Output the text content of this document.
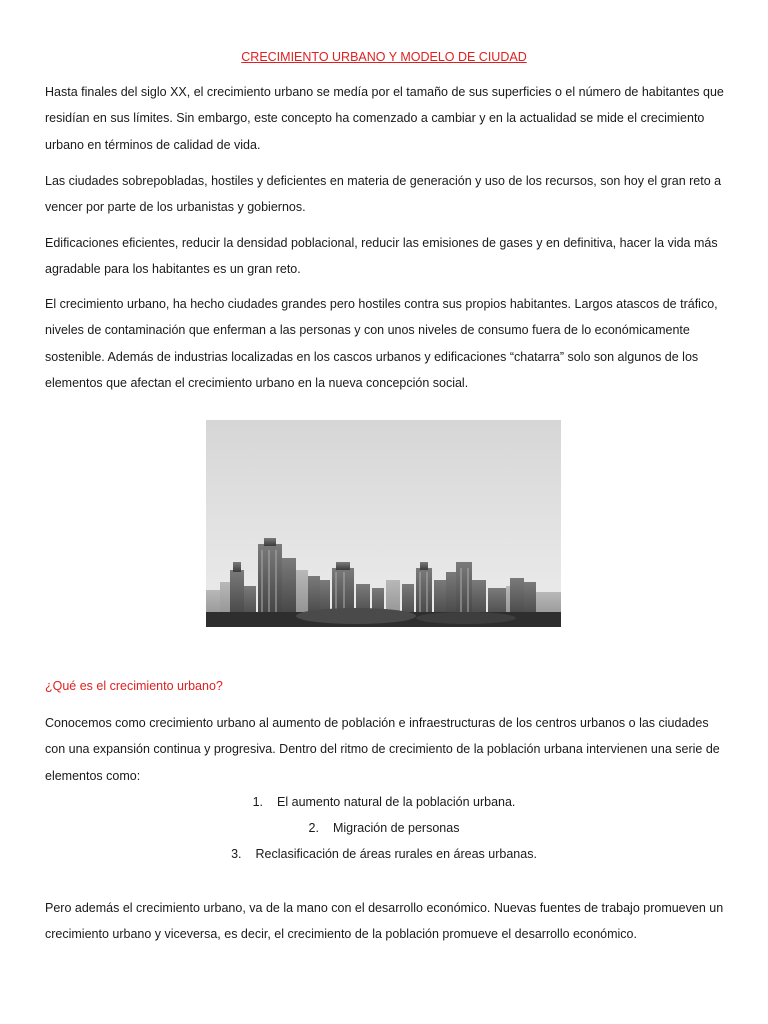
CRECIMIENTO URBANO Y MODELO DE CIUDAD

Hasta finales del siglo XX, el crecimiento urbano se medía por el tamaño de sus superficies o el número de habitantes que residían en sus límites. Sin embargo, este concepto ha comenzado a cambiar y en la actualidad se mide el crecimiento urbano en términos de calidad de vida.

Las ciudades sobrepobladas, hostiles y deficientes en materia de generación y uso de los recursos, son hoy el gran reto a vencer por parte de los urbanistas y gobiernos.

Edificaciones eficientes, reducir la densidad poblacional, reducir las emisiones de gases y en definitiva, hacer la vida más agradable para los habitantes es un gran reto.

El crecimiento urbano, ha hecho ciudades grandes pero hostiles contra sus propios habitantes. Largos atascos de tráfico, niveles de contaminación que enferman a las personas y con unos niveles de consumo fuera de lo económicamente sostenible. Además de industrias localizadas en los cascos urbanos y edificaciones “chatarra” solo son algunos de los elementos que afectan el crecimiento urbano en la nueva concepción social.

¿Qué es el crecimiento urbano?

Conocemos como crecimiento urbano al aumento de población e infraestructuras de los centros urbanos o las ciudades con una expansión continua y progresiva. Dentro del ritmo de crecimiento de la población urbana intervienen una serie de elementos como:

1. El aumento natural de la población urbana.
2. Migración de personas
3. Reclasificación de áreas rurales en áreas urbanas.

Pero además el crecimiento urbano, va de la mano con el desarrollo económico. Nuevas fuentes de trabajo promueven un crecimiento urbano y viceversa, es decir, el crecimiento de la población promueve el desarrollo económico.
